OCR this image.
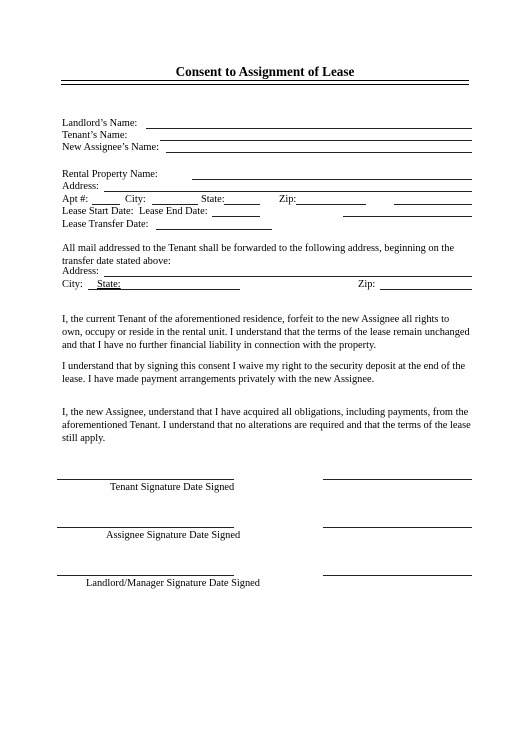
Consent to Assignment of Lease
Landlord’s Name:
Tenant’s Name:
New Assignee’s Name:
Rental Property Name:
Address:
Apt #:	City:	State:	Zip:
Lease Start Date: Lease End Date:
Lease Transfer Date:
All mail addressed to the Tenant shall be forwarded to the following address, beginning on the transfer date stated above:
Address:
City: State:	Zip:
I, the current Tenant of the aforementioned residence, forfeit to the new Assignee all rights to own, occupy or reside in the rental unit. I understand that the terms of the lease remain unchanged and that I have no further financial liability in connection with the property.
I understand that by signing this consent I waive my right to the security deposit at the end of the lease. I have made payment arrangements privately with the new Assignee.
I, the new Assignee, understand that I have acquired all obligations, including payments, from the aforementioned Tenant. I understand that no alterations are required and that the terms of the lease still apply.
Tenant Signature Date Signed
Assignee Signature Date Signed
Landlord/Manager Signature Date Signed
